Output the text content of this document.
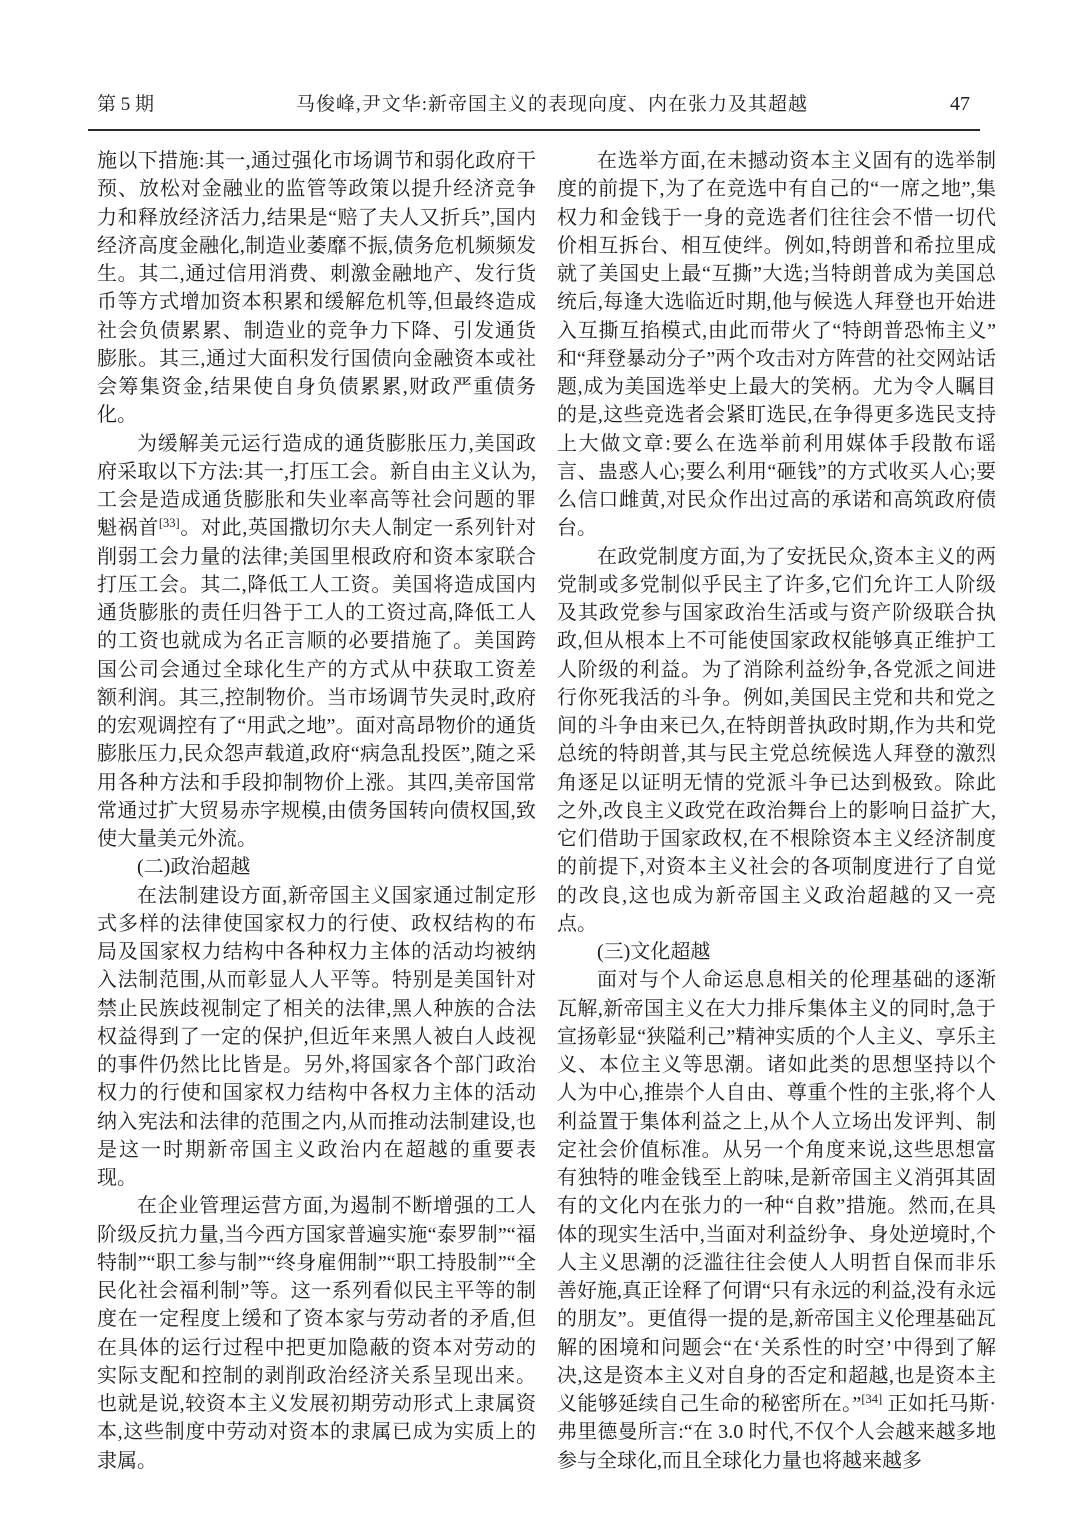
第 5 期	马俊峰,尹文华:新帝国主义的表现向度、内在张力及其超越	47

施以下措施:其一,通过强化市场调节和弱化政府干预、放松对金融业的监管等政策以提升经济竞争力和释放经济活力,结果是“赔了夫人又折兵”,国内经济高度金融化,制造业萎靡不振,债务危机频频发生。其二,通过信用消费、刺激金融地产、发行货币等方式增加资本积累和缓解危机等,但最终造成社会负债累累、制造业的竞争力下降、引发通货膨胀。其三,通过大面积发行国债向金融资本或社会筹集资金,结果使自身负债累累,财政严重债务化。

为缓解美元运行造成的通货膨胀压力,美国政府采取以下方法:其一,打压工会。新自由主义认为,工会是造成通货膨胀和失业率高等社会问题的罪魁祸首[33]。对此,英国撒切尔夫人制定一系列针对削弱工会力量的法律;美国里根政府和资本家联合打压工会。其二,降低工人工资。美国将造成国内通货膨胀的责任归咎于工人的工资过高,降低工人的工资也就成为名正言顺的必要措施了。美国跨国公司会通过全球化生产的方式从中获取工资差额利润。其三,控制物价。当市场调节失灵时,政府的宏观调控有了“用武之地”。面对高昂物价的通货膨胀压力,民众怨声载道,政府“病急乱投医”,随之采用各种方法和手段抑制物价上涨。其四,美帝国常常通过扩大贸易赤字规模,由债务国转向债权国,致使大量美元外流。

(二)政治超越

在法制建设方面,新帝国主义国家通过制定形式多样的法律使国家权力的行使、政权结构的布局及国家权力结构中各种权力主体的活动均被纳入法制范围,从而彰显人人平等。特别是美国针对禁止民族歧视制定了相关的法律,黑人种族的合法权益得到了一定的保护,但近年来黑人被白人歧视的事件仍然比比皆是。另外,将国家各个部门政治权力的行使和国家权力结构中各权力主体的活动纳入宪法和法律的范围之内,从而推动法制建设,也是这一时期新帝国主义政治内在超越的重要表现。

在企业管理运营方面,为遏制不断增强的工人阶级反抗力量,当今西方国家普遍实施“泰罗制”“福特制”“职工参与制”“终身雇佣制”“职工持股制”“全民化社会福利制”等。这一系列看似民主平等的制度在一定程度上缓和了资本家与劳动者的矛盾,但在具体的运行过程中把更加隐蔽的资本对劳动的实际支配和控制的剥削政治经济关系呈现出来。也就是说,较资本主义发展初期劳动形式上隶属资本,这些制度中劳动对资本的隶属已成为实质上的隶属。

在选举方面,在未撼动资本主义固有的选举制度的前提下,为了在竞选中有自己的“一席之地”,集权力和金钱于一身的竞选者们往往会不惜一切代价相互拆台、相互使绊。例如,特朗普和希拉里成就了美国史上最“互撕”大选;当特朗普成为美国总统后,每逢大选临近时期,他与候选人拜登也开始进入互撕互掐模式,由此而带火了“特朗普恐怖主义”和“拜登暴动分子”两个攻击对方阵营的社交网站话题,成为美国选举史上最大的笑柄。尤为令人瞩目的是,这些竞选者会紧盯选民,在争得更多选民支持上大做文章:要么在选举前利用媒体手段散布谣言、蛊惑人心;要么利用“砸钱”的方式收买人心;要么信口雌黄,对民众作出过高的承诺和高筑政府债台。

在政党制度方面,为了安抚民众,资本主义的两党制或多党制似乎民主了许多,它们允许工人阶级及其政党参与国家政治生活或与资产阶级联合执政,但从根本上不可能使国家政权能够真正维护工人阶级的利益。为了消除利益纷争,各党派之间进行你死我活的斗争。例如,美国民主党和共和党之间的斗争由来已久,在特朗普执政时期,作为共和党总统的特朗普,其与民主党总统候选人拜登的激烈角逐足以证明无情的党派斗争已达到极致。除此之外,改良主义政党在政治舞台上的影响日益扩大,它们借助于国家政权,在不根除资本主义经济制度的前提下,对资本主义社会的各项制度进行了自觉的改良,这也成为新帝国主义政治超越的又一亮点。

(三)文化超越

面对与个人命运息息相关的伦理基础的逐渐瓦解,新帝国主义在大力排斥集体主义的同时,急于宣扬彰显“狭隘利己”精神实质的个人主义、享乐主义、本位主义等思潮。诸如此类的思想坚持以个人为中心,推崇个人自由、尊重个性的主张,将个人利益置于集体利益之上,从个人立场出发评判、制定社会价值标准。从另一个角度来说,这些思想富有独特的唯金钱至上韵味,是新帝国主义消弭其固有的文化内在张力的一种“自救”措施。然而,在具体的现实生活中,当面对利益纷争、身处逆境时,个人主义思潮的泛滥往往会使人人明哲自保而非乐善好施,真正诠释了何谓“只有永远的利益,没有永远的朋友”。更值得一提的是,新帝国主义伦理基础瓦解的困境和问题会“在‘关系性的时空’中得到了解决,这是资本主义对自身的否定和超越,也是资本主义能够延续自己生命的秘密所在。”[34] 正如托马斯·弗里德曼所言:“在 3.0 时代,不仅个人会越来越多地参与全球化,而且全球化力量也将越来越多
